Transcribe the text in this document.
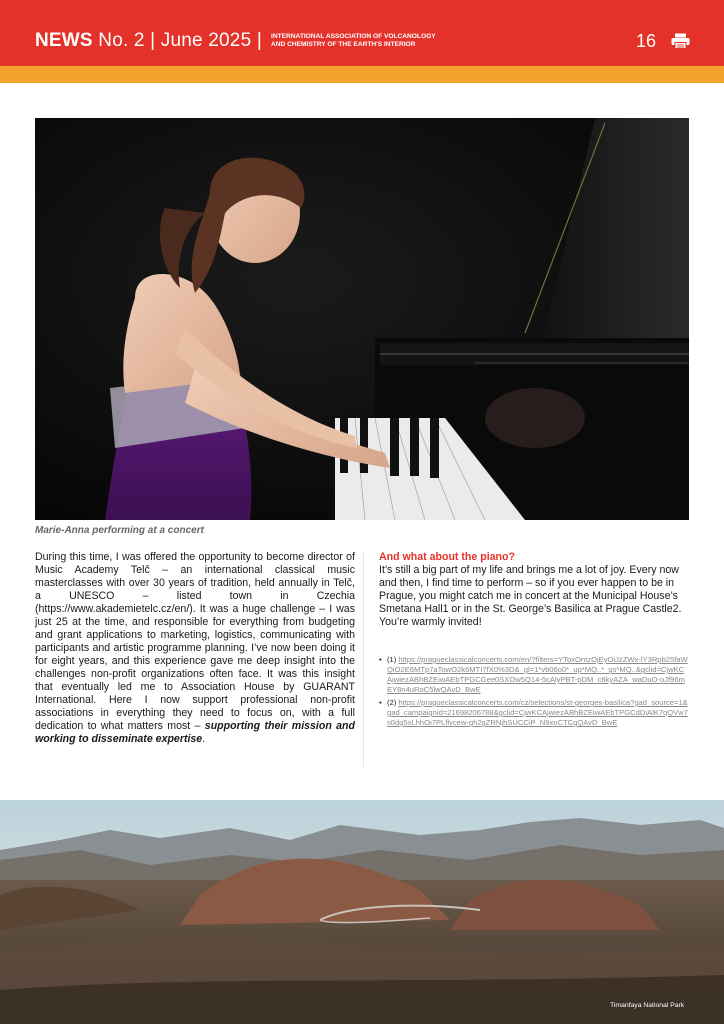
NEWS No. 2 | June 2025 | INTERNATIONAL ASSOCIATION OF VOLCANOLOGY
AND CHEMISTRY OF THE EARTH'S INTERIOR	16
Marie-Anna performing at a concert

During this time, I was offered the opportunity to become director of Music Academy Telč – an international classical music masterclasses with over 30 years of tradition, held annually in Telč, a UNESCO – listed town in Czechia (https://www.akademietelc.cz/en/). It was a huge challenge – I was just 25 at the time, and responsible for everything from budgeting and grant applications to marketing, logistics, communicating with participants and artistic programme planning. I’ve now been doing it for eight years, and this experience gave me deep insight into the challenges non-profit organizations often face. It was this insight that eventually led me to Association House by GUARANT International. Here I now support professional non-profit associations in everything they need to focus on, with a full dedication to what matters most – supporting their mission and working to disseminate expertise.

And what about the piano?

It’s still a big part of my life and brings me a lot of joy. Every now and then, I find time to perform – so if you ever happen to be in Prague, you might catch me in concert at the Municipal House’s Smetana Hall1 or in the St. George’s Basilica at Prague Castle2. You’re warmly invited!

• (1) https://pragueclassicalconcerts.com/en/?filters=YToxOntzOjEyOiJzZWx-lY3Rpb25faWQiO2E6MTp7aTowO2k6MTI7fX0%3D&_gl=1*vb06o0*_up*MQ..*_gs*MQ..&gclid=CjwKCAjwiezABhBZEiwAEbTPGCGee0SXOw5Q14-5cAlyPBT-pDM_c8kyAZA_waDuO-oJf96mEY8n4uRoC5lwQAvD_BwE
• (2) https://pragueclassicalconcerts.com/cz/selections/st-georges-basilica?gad_source=1&gad_campaignid=21698206788&gclid=CjwKCAjwiezABhBZEiwAEbTPGCdDiAlK7qQVw7s0dg5xLhhOi7PLflvcew-gh2gZRNjhSUCCiP_N9xoCTCgQAvD_BwE
Timanfaya National Park
